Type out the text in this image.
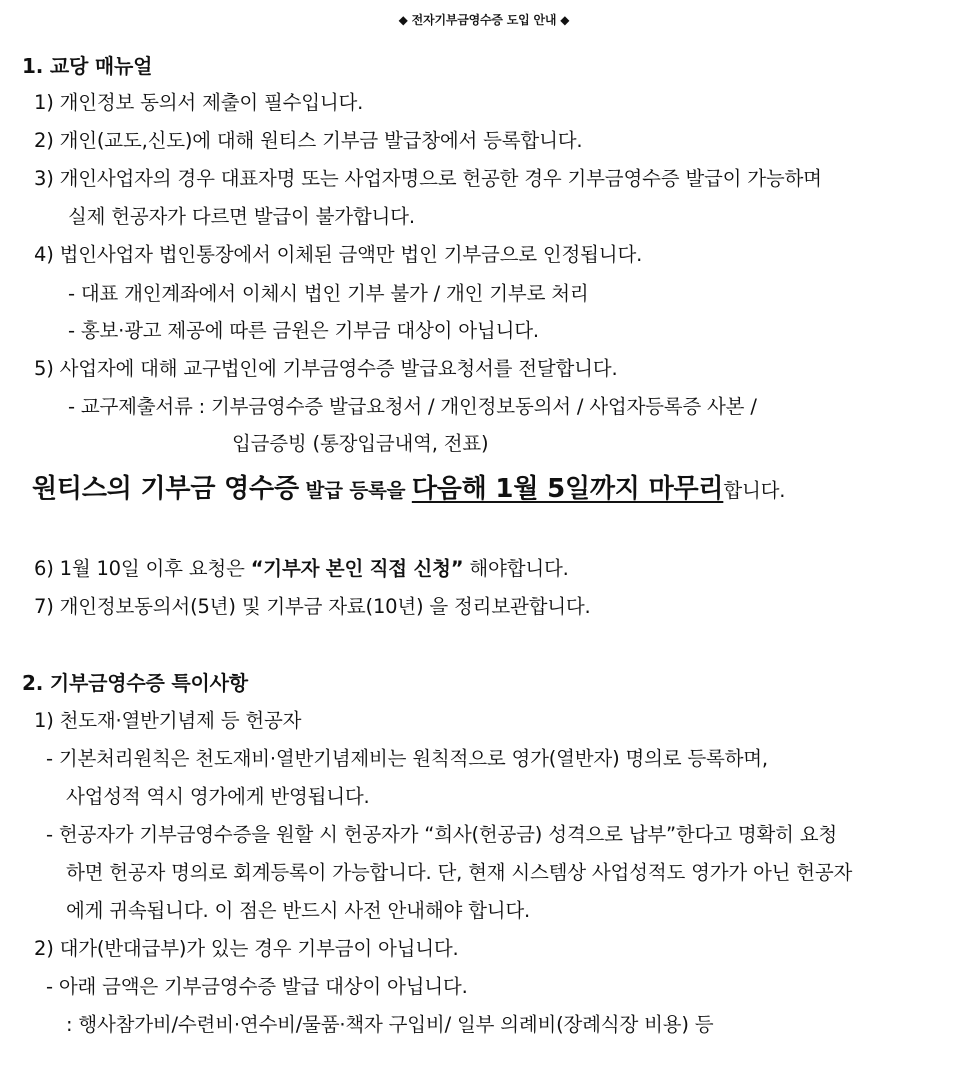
◆ 전자기부금영수증 도입 안내 ◆
1. 교당 매뉴얼
1) 개인정보 동의서 제출이 필수입니다.
2) 개인(교도,신도)에 대해 원티스 기부금 발급창에서 등록합니다.
3) 개인사업자의 경우 대표자명 또는 사업자명으로 헌공한 경우 기부금영수증 발급이 가능하며
실제 헌공자가 다르면 발급이 불가합니다.
4) 법인사업자 법인통장에서 이체된 금액만 법인 기부금으로 인정됩니다.
- 대표 개인계좌에서 이체시 법인 기부 불가 / 개인 기부로 처리
- 홍보·광고 제공에 따른 금원은 기부금 대상이 아닙니다.
5) 사업자에 대해 교구법인에 기부금영수증 발급요청서를 전달합니다.
- 교구제출서류 : 기부금영수증 발급요청서 / 개인정보동의서 / 사업자등록증 사본 /
입금증빙 (통장입금내역, 전표)
원티스의 기부금 영수증 발급 등록을 다음해 1월 5일까지 마무리합니다.
6) 1월 10일 이후 요청은 “기부자 본인 직접 신청” 해야합니다.
7) 개인정보동의서(5년) 및 기부금 자료(10년) 을 정리보관합니다.
2. 기부금영수증 특이사항
1) 천도재·열반기념제 등 헌공자
- 기본처리원칙은 천도재비·열반기념제비는 원칙적으로 영가(열반자) 명의로 등록하며,
사업성적 역시 영가에게 반영됩니다.
- 헌공자가 기부금영수증을 원할 시 헌공자가 “희사(헌공금) 성격으로 납부”한다고 명확히 요청
하면 헌공자 명의로 회계등록이 가능합니다. 단, 현재 시스템상 사업성적도 영가가 아닌 헌공자
에게 귀속됩니다. 이 점은 반드시 사전 안내해야 합니다.
2) 대가(반대급부)가 있는 경우 기부금이 아닙니다.
- 아래 금액은 기부금영수증 발급 대상이 아닙니다.
: 행사참가비/수련비·연수비/물품·책자 구입비/ 일부 의례비(장례식장 비용) 등
